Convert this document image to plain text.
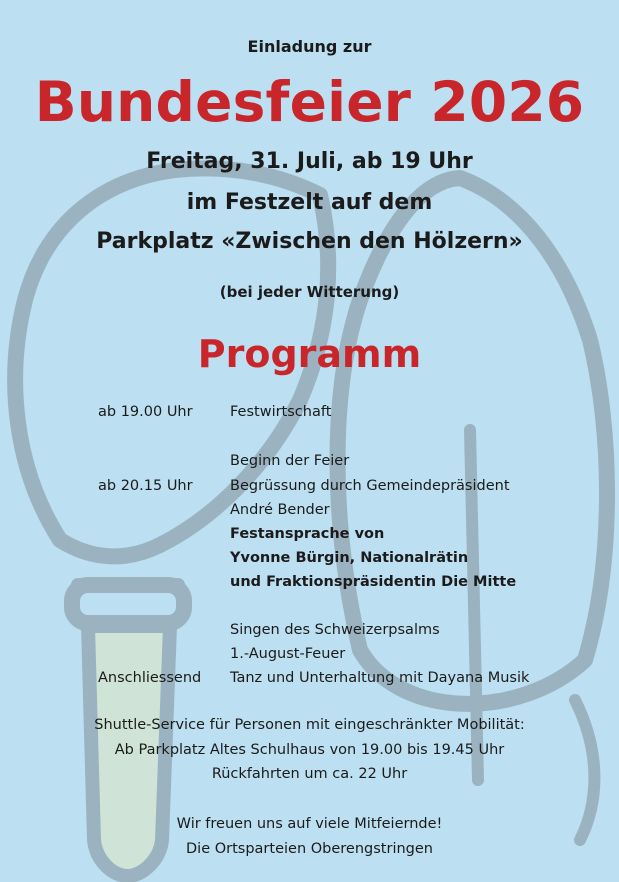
Einladung zur
Bundesfeier 2026
Freitag, 31. Juli, ab 19 Uhr
im Festzelt auf dem
Parkplatz «Zwischen den Hölzern»
(bei jeder Witterung)
Programm
ab 19.00 Uhr	Festwirtschaft
Beginn der Feier
ab 20.15 Uhr	Begrüssung durch Gemeindepräsident
André Bender
Festansprache von
Yvonne Bürgin, Nationalrätin
und Fraktionspräsidentin Die Mitte
Singen des Schweizerpsalms
1.-August-Feuer
Anschliessend Tanz und Unterhaltung mit Dayana Musik
Shuttle-Service für Personen mit eingeschränkter Mobilität:
Ab Parkplatz Altes Schulhaus von 19.00 bis 19.45 Uhr
Rückfahrten um ca. 22 Uhr
Wir freuen uns auf viele Mitfeiernde!
Die Ortsparteien Oberengstringen
